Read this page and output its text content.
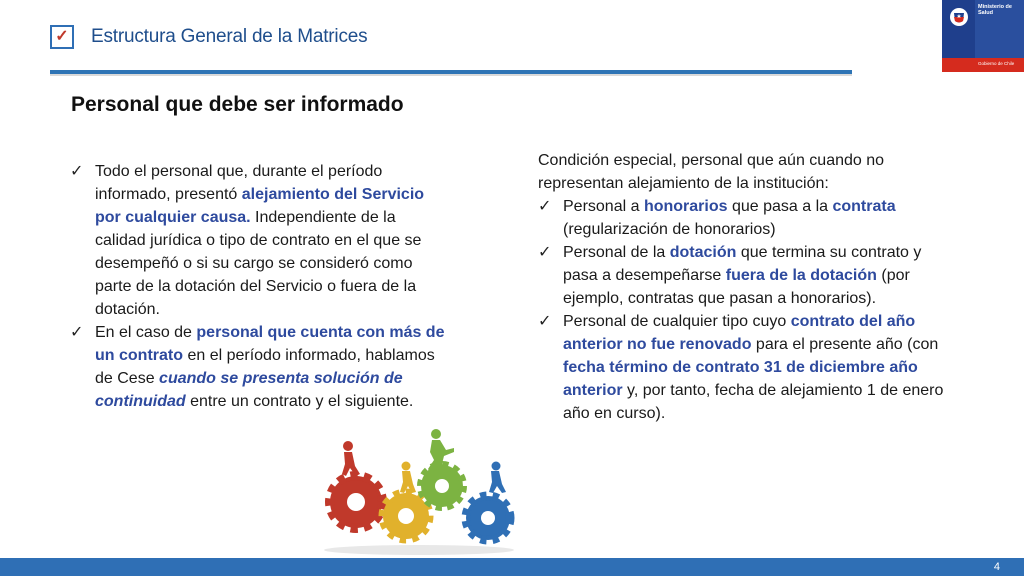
✓ Estructura General de la Matrices
Ministerio de
Salud
Gobierno de Chile
Personal que debe ser informado
✓ Todo el personal que, durante el período informado, presentó alejamiento del Servicio por cualquier causa. Independiente de la calidad jurídica o tipo de contrato en el que se desempeñó o si su cargo se consideró como parte de la dotación del Servicio o fuera de la dotación.
✓ En el caso de personal que cuenta con más de un contrato en el período informado, hablamos de Cese cuando se presenta solución de continuidad entre un contrato y el siguiente.
Condición especial, personal que aún cuando no representan alejamiento de la institución:
✓ Personal a honorarios que pasa a la contrata (regularización de honorarios)
✓ Personal de la dotación que termina su contrato y pasa a desempeñarse fuera de la dotación (por ejemplo, contratas que pasan a honorarios).
✓ Personal de cualquier tipo cuyo contrato del año anterior no fue renovado para el presente año (con fecha término de contrato 31 de diciembre año anterior y, por tanto, fecha de alejamiento 1 de enero año en curso).
4
